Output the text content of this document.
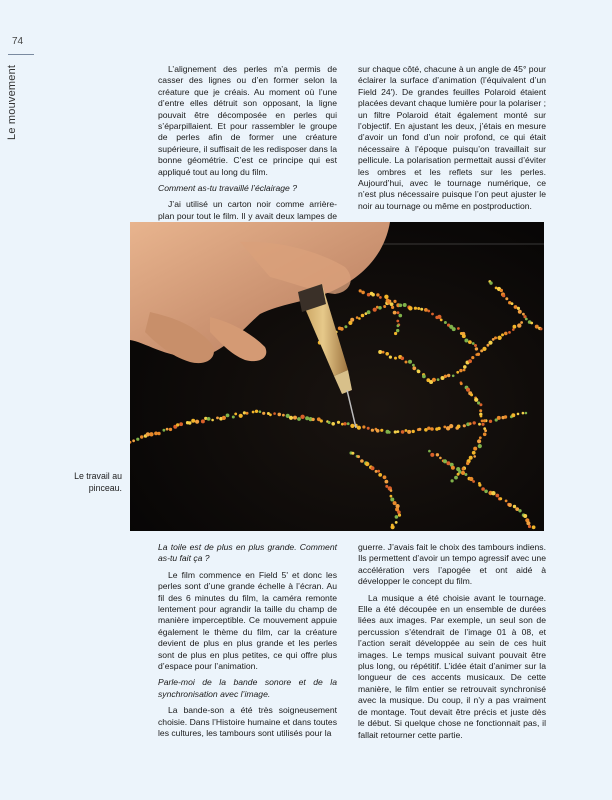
74
Le mouvement	L’alignement des perles m’a permis de casser des lignes ou d’en former selon la créature que je créais. Au moment où l’une d’entre elles détruit son opposant, la ligne pouvait être décomposée en perles qui s’éparpillaient. Et pour rassembler le groupe de perles afin de former une créature supérieure, il suffisait de les redisposer dans la bonne géométrie. C’est ce principe qui est appliqué tout au long du film.

Comment as-tu travaillé l’éclairage ?

J’ai utilisé un carton noir comme arrière-plan pour tout le film. Il y avait deux lampes de

sur chaque côté, chacune à un angle de 45° pour éclairer la surface d’animation (l’équivalent d’un Field 24'). De grandes feuilles Polaroid étaient placées devant chaque lumière pour la polariser ; un filtre Polaroid était également monté sur l’objectif. En ajustant les deux, j’étais en mesure d’avoir un fond d’un noir profond, ce qui était nécessaire à l’époque puisqu’on travaillait sur pellicule. La polarisation permettait aussi d’éviter les ombres et les reflets sur les perles. Aujourd’hui, avec le tournage numérique, ce n’est plus nécessaire puisque l’on peut ajuster le noir au tournage ou même en postproduction.

Le travail au pinceau.

La toile est de plus en plus grande. Comment as-tu fait ça ?

Le film commence en Field 5' et donc les perles sont d’une grande échelle à l’écran. Au fil des 6 minutes du film, la caméra remonte lentement pour agrandir la taille du champ de manière imperceptible. Ce mouvement appuie également le thème du film, car la créature devient de plus en plus grande et les perles sont de plus en plus petites, ce qui offre plus d’espace pour l’animation.

Parle-moi de la bande sonore et de la synchronisation avec l’image.

La bande-son a été très soigneusement choisie. Dans l’Histoire humaine et dans toutes les cultures, les tambours sont utilisés pour la

guerre. J’avais fait le choix des tambours indiens. Ils permettent d’avoir un tempo agressif avec une accélération vers l’apogée et ont aidé à développer le concept du film.

La musique a été choisie avant le tournage. Elle a été découpée en un ensemble de durées liées aux images. Par exemple, un seul son de percussion s’étendrait de l’image 01 à 08, et l’action serait développée au sein de ces huit images. Le temps musical suivant pouvait être plus long, ou répétitif. L’idée était d’animer sur la longueur de ces accents musicaux. De cette manière, le film entier se retrouvait synchronisé avec la musique. Du coup, il n’y a pas vraiment de montage. Tout devait être précis et juste dès le début. Si quelque chose ne fonctionnait pas, il fallait retourner cette partie.
